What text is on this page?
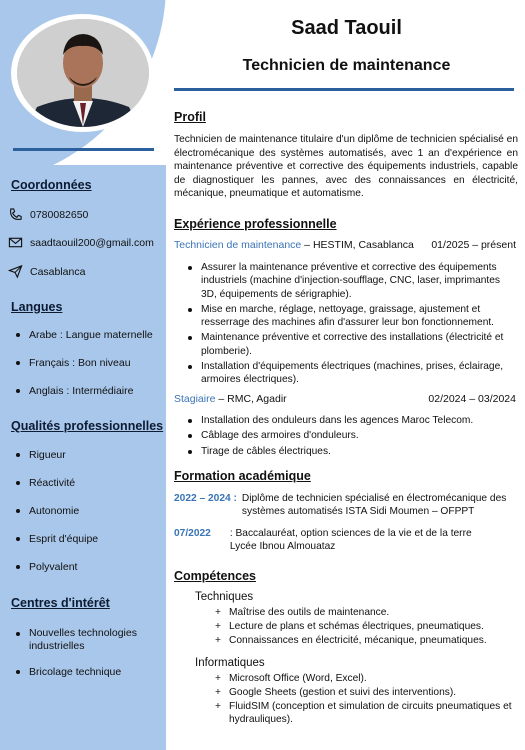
Coordonnées
0780082650
saadtaouil200@gmail.com
Casablanca
Langues
Arabe : Langue maternelle
Français : Bon niveau
Anglais : Intermédiaire
Qualités professionnelles
Rigueur
Réactivité
Autonomie
Esprit d'équipe
Polyvalent
Centres d'intérêt
Nouvelles technologies industrielles
Bricolage technique
Saad Taouil
Technicien de maintenance
Profil
Technicien de maintenance titulaire d'un diplôme de technicien spécialisé en électromécanique des systèmes automatisés, avec 1 an d'expérience en maintenance préventive et corrective des équipements industriels, capable de diagnostiquer les pannes, avec des connaissances en électricité, mécanique, pneumatique et automatisme.
Expérience professionnelle
Technicien de maintenance – HESTIM, Casablanca 01/2025 – présent
Assurer la maintenance préventive et corrective des équipements industriels (machine d'injection-soufflage, CNC, laser, imprimantes 3D, équipements de sérigraphie).
Mise en marche, réglage, nettoyage, graissage, ajustement et resserrage des machines afin d'assurer leur bon fonctionnement.
Maintenance préventive et corrective des installations (électricité et plomberie).
Installation d'équipements électriques (machines, prises, éclairage, armoires électriques).
Stagiaire – RMC, Agadir	02/2024 – 03/2024
Installation des onduleurs dans les agences Maroc Telecom.
Câblage des armoires d'onduleurs.
Tirage de câbles électriques.
Formation académique
2022 – 2024 : Diplôme de technicien spécialisé en électromécanique des systèmes automatisés ISTA Sidi Moumen – OFPPT
07/2022 : Baccalauréat, option sciences de la vie et de la terre Lycée Ibnou Almouataz
Compétences
Techniques
+ Maîtrise des outils de maintenance.
+ Lecture de plans et schémas électriques, pneumatiques.
+ Connaissances en électricité, mécanique, pneumatiques.
Informatiques
+ Microsoft Office (Word, Excel).
+ Google Sheets (gestion et suivi des interventions).
+ FluidSIM (conception et simulation de circuits pneumatiques et hydrauliques).
